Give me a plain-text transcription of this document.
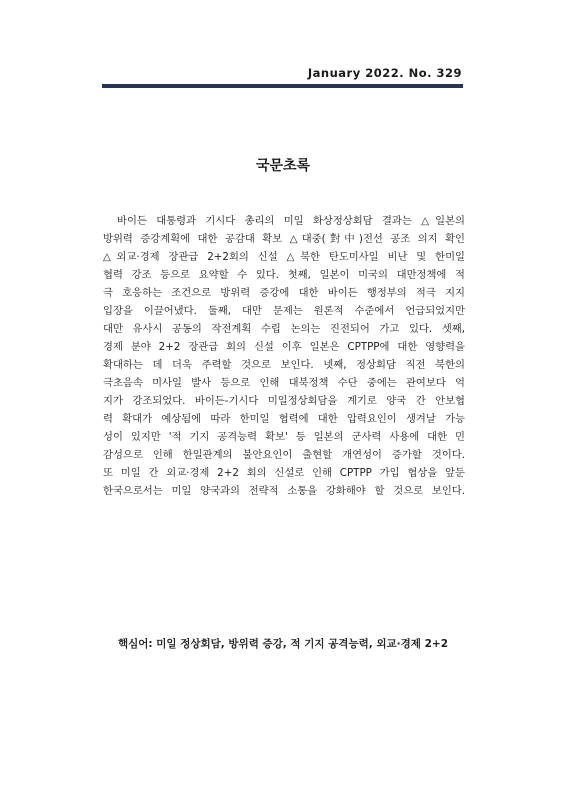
January 2022. No. 329
국문초록
바이든 대통령과 기시다 총리의 미일 화상정상회담 결과는 △일본의
방위력 증강계획에 대한 공감대 확보 △대중(對中)전선 공조 의지 확인
△외교·경제 장관급 2+2회의 신설 △북한 탄도미사일 비난 및 한미일
협력 강조 등으로 요약할 수 있다. 첫째, 일본이 미국의 대만정책에 적
극 호응하는 조건으로 방위력 증강에 대한 바이든 행정부의 적극 지지
입장을 이끌어냈다. 둘째, 대만 문제는 원론적 수준에서 언급되었지만
대만 유사시 공동의 작전계획 수립 논의는 진전되어 가고 있다. 셋째,
경제 분야 2+2 장관급 회의 신설 이후 일본은 CPTPP에 대한 영향력을
확대하는 데 더욱 주력할 것으로 보인다. 넷째, 정상회담 직전 북한의
극초음속 미사일 발사 등으로 인해 대북정책 수단 중에는 관여보다 억
지가 강조되었다. 바이든-기시다 미일정상회담을 계기로 양국 간 안보협
력 확대가 예상됨에 따라 한미일 협력에 대한 압력요인이 생겨날 가능
성이 있지만 '적 기지 공격능력 확보' 등 일본의 군사력 사용에 대한 민
감성으로 인해 한일관계의 불안요인이 출현할 개연성이 증가할 것이다.
또 미일 간 외교·경제 2+2 회의 신설로 인해 CPTPP 가입 협상을 앞둔
한국으로서는 미일 양국과의 전략적 소통을 강화해야 할 것으로 보인다.
핵심어: 미일 정상회담, 방위력 증강, 적 기지 공격능력, 외교·경제 2+2
